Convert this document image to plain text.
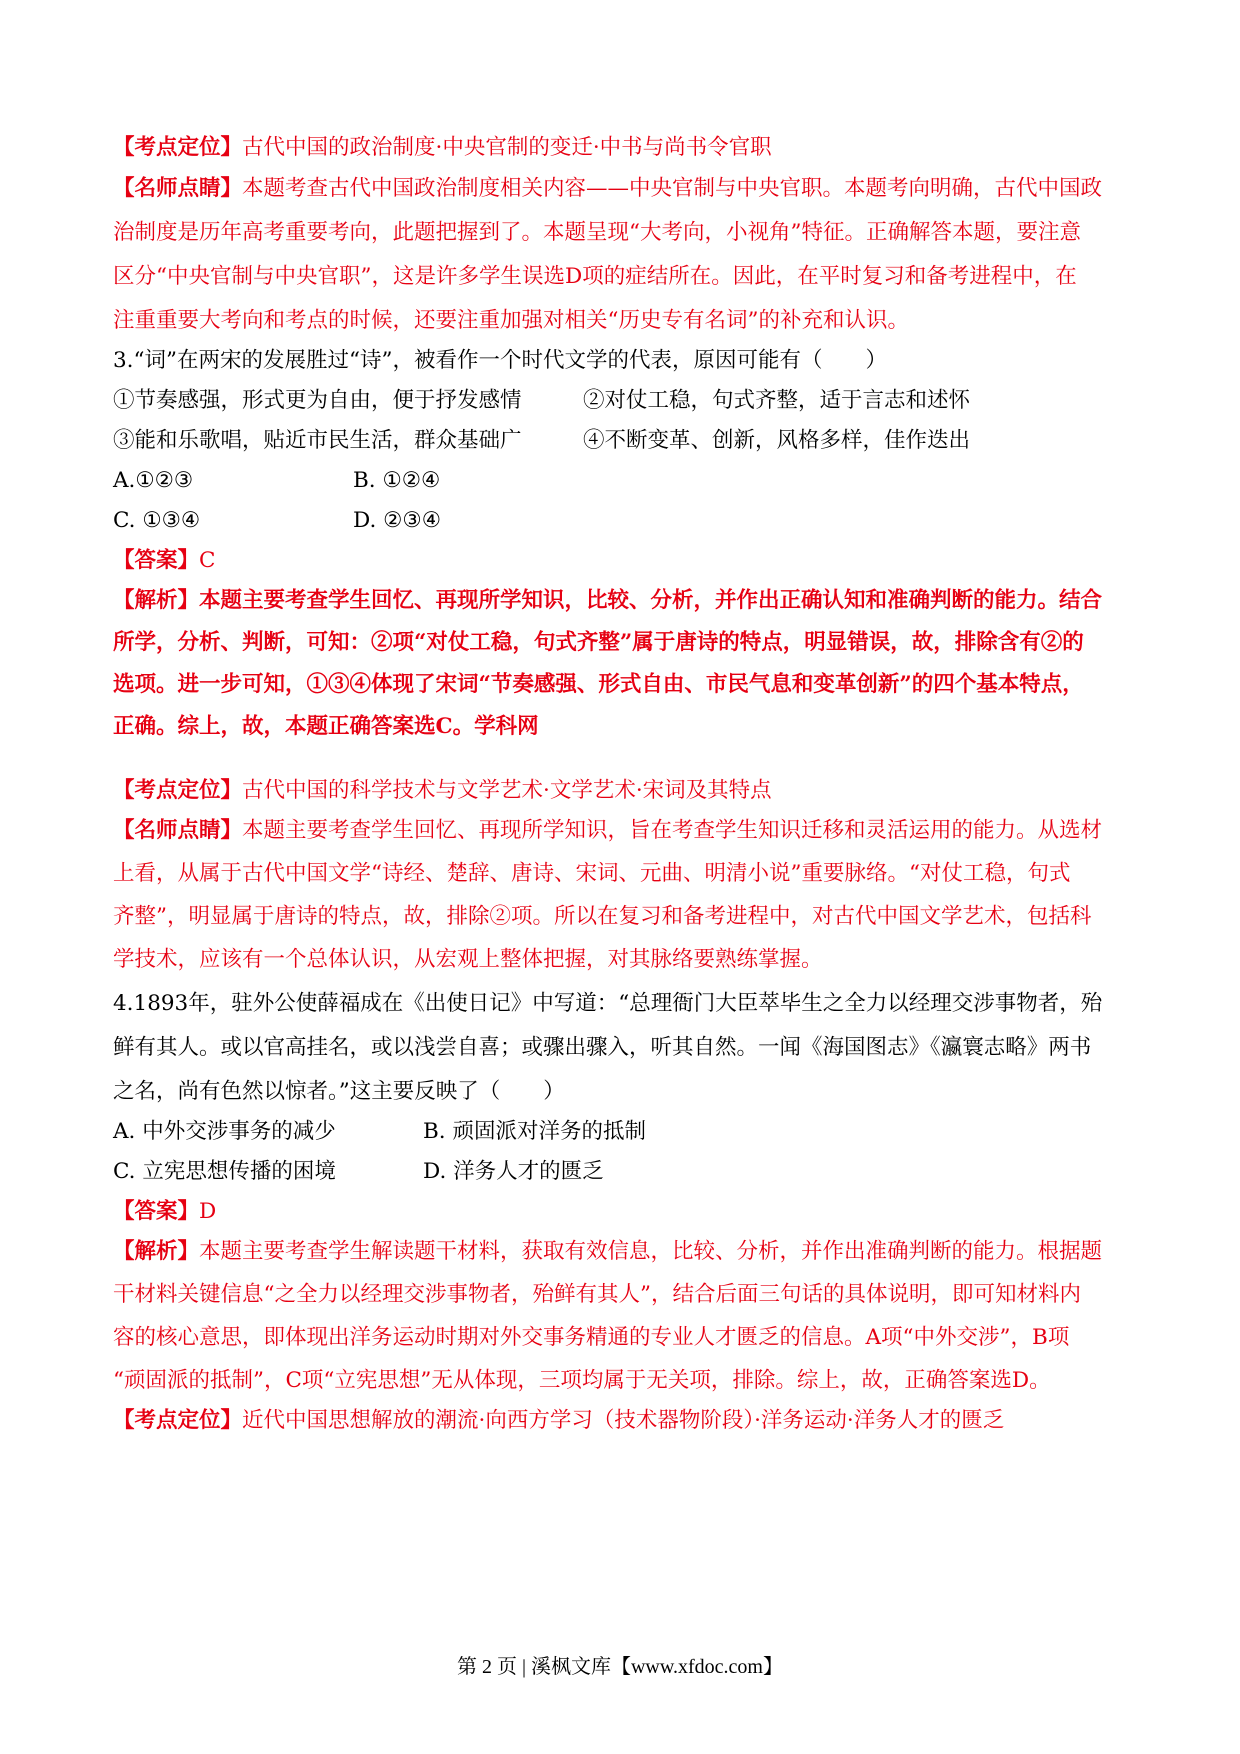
【考点定位】古代中国的政治制度·中央官制的变迁·中书与尚书令官职
【名师点睛】本题考查古代中国政治制度相关内容——中央官制与中央官职。本题考向明确，古代中国政
治制度是历年高考重要考向，此题把握到了。本题呈现“大考向，小视角”特征。正确解答本题，要注意
区分“中央官制与中央官职”，这是许多学生误选D项的症结所在。因此，在平时复习和备考进程中，在
注重重要大考向和考点的时候，还要注重加强对相关“历史专有名词”的补充和认识。
3.“词”在两宋的发展胜过“诗”，被看作一个时代文学的代表，原因可能有（　　）
①节奏感强，形式更为自由，便于抒发感情	②对仗工稳，句式齐整，适于言志和述怀
③能和乐歌唱，贴近市民生活，群众基础广	④不断变革、创新，风格多样，佳作迭出
A.①②③	B. ①②④
C. ①③④	D. ②③④
【答案】C
【解析】本题主要考查学生回忆、再现所学知识，比较、分析，并作出正确认知和准确判断的能力。结合
所学，分析、判断，可知：②项“对仗工稳，句式齐整”属于唐诗的特点，明显错误，故，排除含有②的
选项。进一步可知，①③④体现了宋词“节奏感强、形式自由、市民气息和变革创新”的四个基本特点，
正确。综上，故，本题正确答案选C。学科网
【考点定位】古代中国的科学技术与文学艺术·文学艺术·宋词及其特点
【名师点睛】本题主要考查学生回忆、再现所学知识，旨在考查学生知识迁移和灵活运用的能力。从选材
上看，从属于古代中国文学“诗经、楚辞、唐诗、宋词、元曲、明清小说”重要脉络。“对仗工稳，句式
齐整”，明显属于唐诗的特点，故，排除②项。所以在复习和备考进程中，对古代中国文学艺术，包括科
学技术，应该有一个总体认识，从宏观上整体把握，对其脉络要熟练掌握。
4.1893年，驻外公使薛福成在《出使日记》中写道：“总理衙门大臣萃毕生之全力以经理交涉事物者，殆
鲜有其人。或以官高挂名，或以浅尝自喜；或骤出骤入，听其自然。一闻《海国图志》《瀛寰志略》两书
之名，尚有色然以惊者。”这主要反映了（　　）
A. 中外交涉事务的减少	B. 顽固派对洋务的抵制
C. 立宪思想传播的困境	D. 洋务人才的匮乏
【答案】D
【解析】本题主要考查学生解读题干材料，获取有效信息，比较、分析，并作出准确判断的能力。根据题
干材料关键信息“之全力以经理交涉事物者，殆鲜有其人”，结合后面三句话的具体说明，即可知材料内
容的核心意思，即体现出洋务运动时期对外交事务精通的专业人才匮乏的信息。A项“中外交涉”，B项
“顽固派的抵制”，C项“立宪思想”无从体现，三项均属于无关项，排除。综上，故，正确答案选D。
【考点定位】近代中国思想解放的潮流·向西方学习（技术器物阶段）·洋务运动·洋务人才的匮乏
第 2 页 | 溪枫文库【www.xfdoc.com】
